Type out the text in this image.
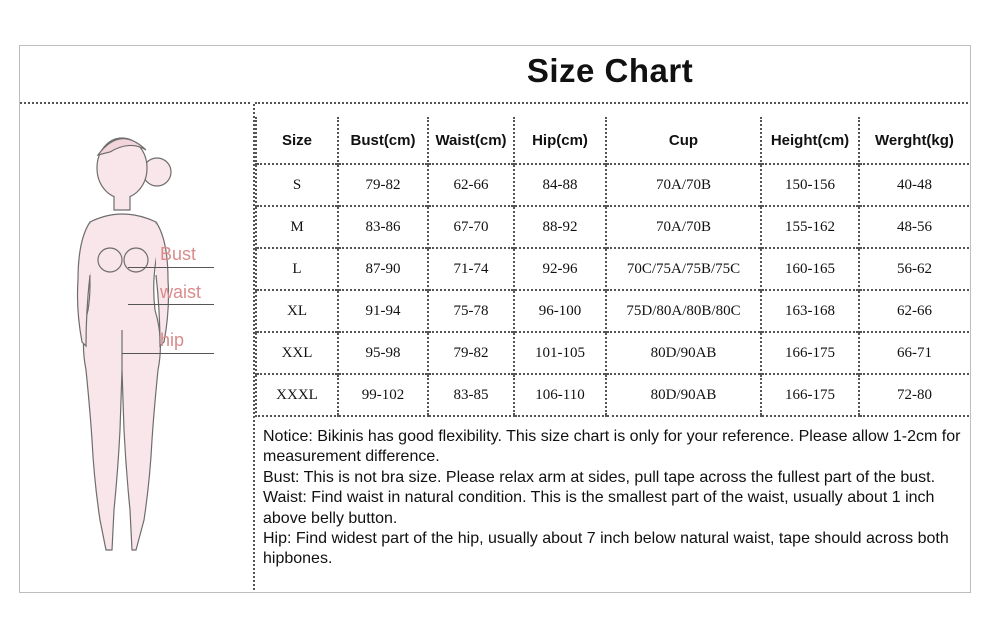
Size Chart
Bust
waist
hip
Size	Bust(cm)	Waist(cm)	Hip(cm)	Cup	Height(cm)	Werght(kg)
S	79-82	62-66	84-88	70A/70B	150-156	40-48
M	83-86	67-70	88-92	70A/70B	155-162	48-56
L	87-90	71-74	92-96	70C/75A/75B/75C	160-165	56-62
XL	91-94	75-78	96-100	75D/80A/80B/80C	163-168	62-66
XXL	95-98	79-82	101-105	80D/90AB	166-175	66-71
XXXL	99-102	83-85	106-110	80D/90AB	166-175	72-80

Notice: Bikinis has good flexibility. This size chart is only for your reference. Please allow 1-2cm for measurement difference.

Bust: This is not bra size. Please relax arm at sides, pull tape across the fullest part of the bust.

Waist: Find waist in natural condition. This is the smallest part of the waist, usually about 1 inch above belly button.

Hip: Find widest part of the hip, usually about 7 inch below natural waist, tape should across both hipbones.
